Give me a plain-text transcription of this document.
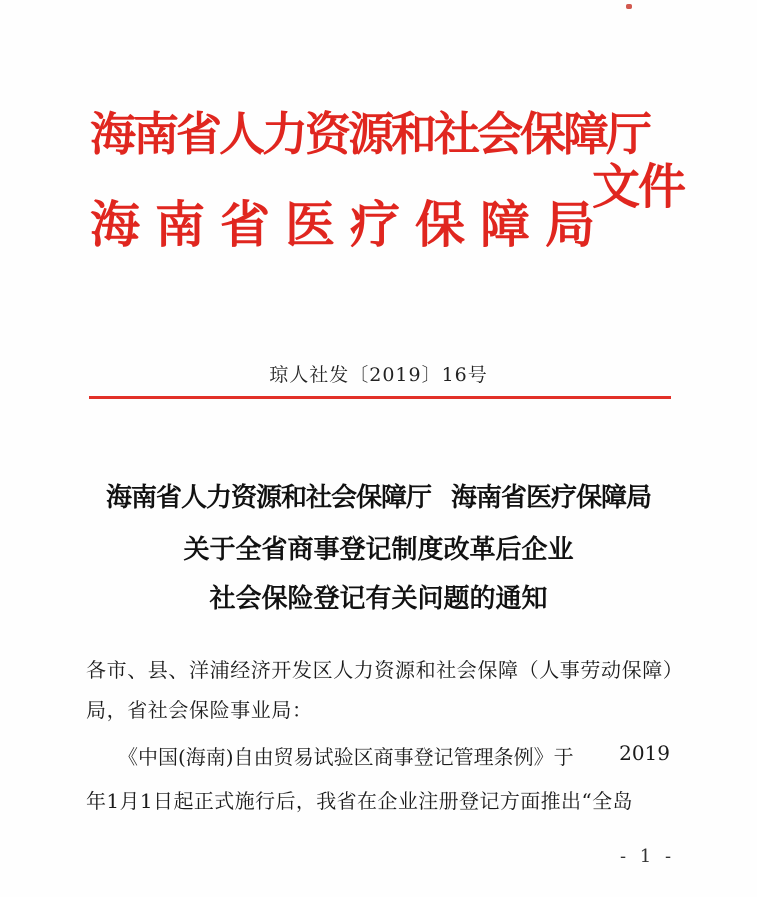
海南省人力资源和社会保障厅
海南省医疗保障局
文件
琼人社发〔2019〕16号
海南省人力资源和社会保障厅 海南省医疗保障局
关于全省商事登记制度改革后企业
社会保险登记有关问题的通知
各市、县、洋浦经济开发区人力资源和社会保障（人事劳动保障）
局，省社会保险事业局：
《中国(海南)自由贸易试验区商事登记管理条例》于 2019
年1月1日起正式施行后，我省在企业注册登记方面推出“全岛
- 1 -
